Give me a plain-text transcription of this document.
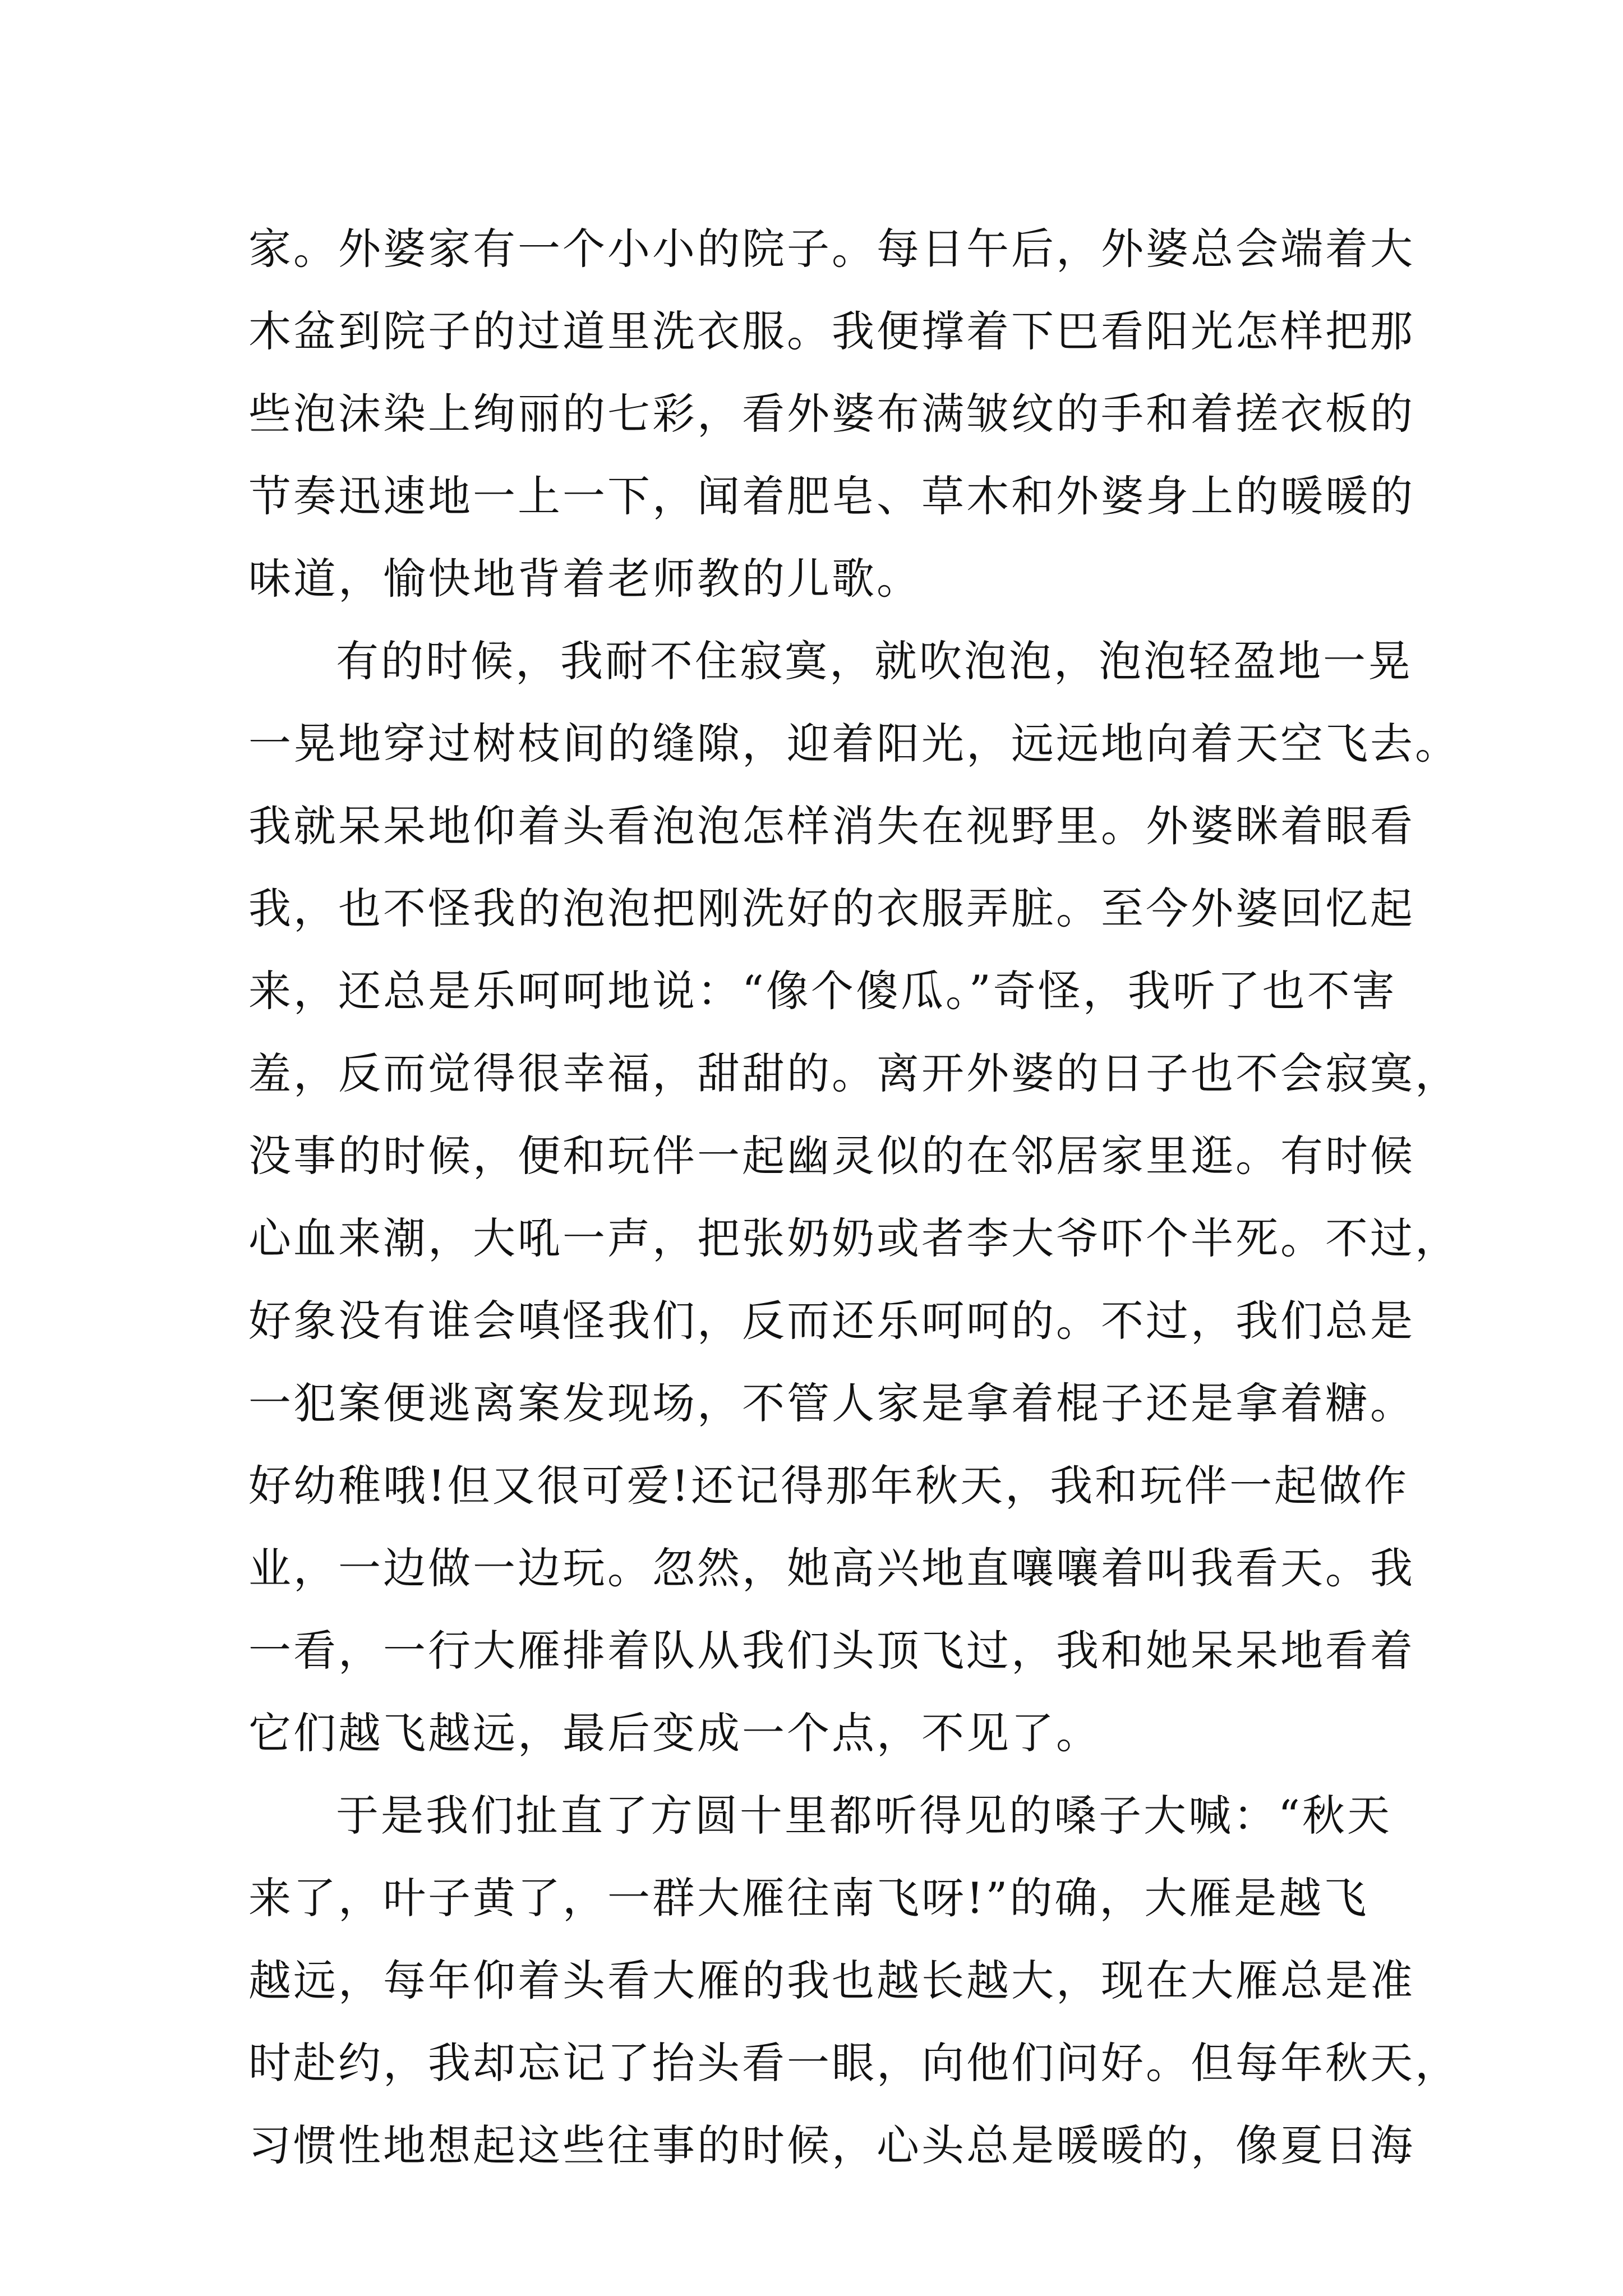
家。外婆家有一个小小的院子。每日午后，外婆总会端着大
木盆到院子的过道里洗衣服。我便撑着下巴看阳光怎样把那
些泡沫染上绚丽的七彩，看外婆布满皱纹的手和着搓衣板的
节奏迅速地一上一下，闻着肥皂、草木和外婆身上的暖暖的
味道，愉快地背着老师教的儿歌。
有的时候，我耐不住寂寞，就吹泡泡，泡泡轻盈地一晃
一晃地穿过树枝间的缝隙，迎着阳光，远远地向着天空飞去。
我就呆呆地仰着头看泡泡怎样消失在视野里。外婆眯着眼看
我，也不怪我的泡泡把刚洗好的衣服弄脏。至今外婆回忆起
来，还总是乐呵呵地说：“像个傻瓜。”奇怪，我听了也不害
羞，反而觉得很幸福，甜甜的。离开外婆的日子也不会寂寞，
没事的时候，便和玩伴一起幽灵似的在邻居家里逛。有时候
心血来潮，大吼一声，把张奶奶或者李大爷吓个半死。不过，
好象没有谁会嗔怪我们，反而还乐呵呵的。不过，我们总是
一犯案便逃离案发现场，不管人家是拿着棍子还是拿着糖。
好幼稚哦!但又很可爱!还记得那年秋天，我和玩伴一起做作
业，一边做一边玩。忽然，她高兴地直嚷嚷着叫我看天。我
一看，一行大雁排着队从我们头顶飞过，我和她呆呆地看着
它们越飞越远，最后变成一个点，不见了。
于是我们扯直了方圆十里都听得见的嗓子大喊：“秋天
来了，叶子黄了，一群大雁往南飞呀!”的确，大雁是越飞
越远，每年仰着头看大雁的我也越长越大，现在大雁总是准
时赴约，我却忘记了抬头看一眼，向他们问好。但每年秋天，
习惯性地想起这些往事的时候，心头总是暖暖的，像夏日海
